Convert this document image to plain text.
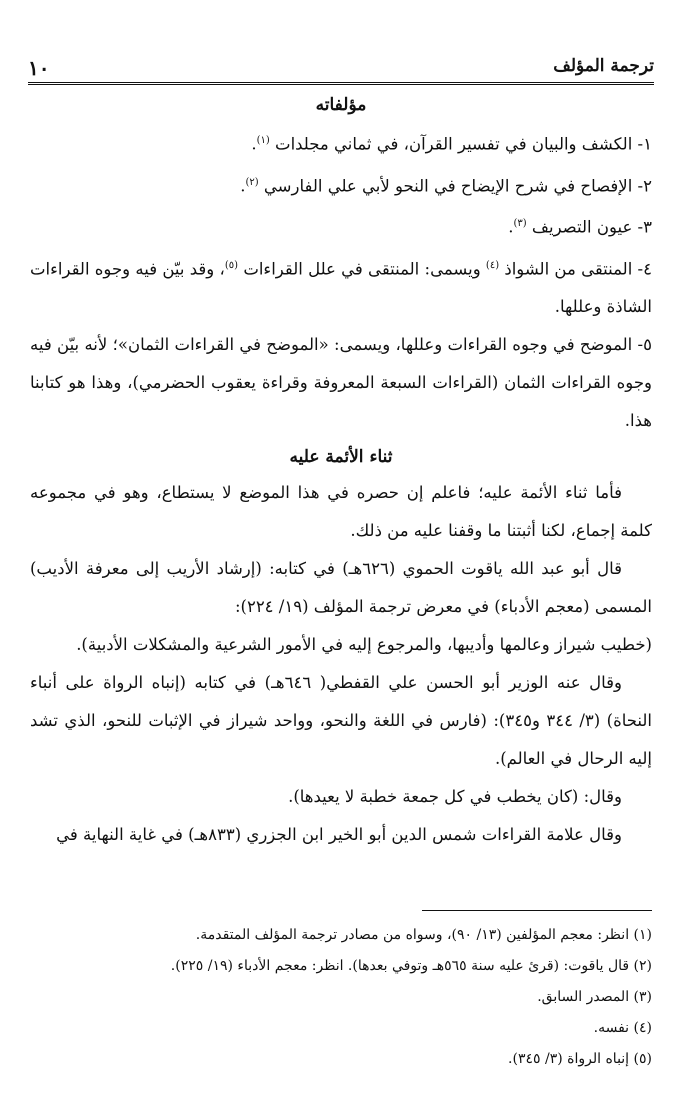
ترجمة المؤلف
١٠

مؤلفاته

١- الكشف والبيان في تفسير القرآن، في ثماني مجلدات $^{(١)}$.

٢- الإفصاح في شرح الإيضاح في النحو لأبي علي الفارسي $^{(٢)}$.

٣- عيون التصريف $^{(٣)}$.

٤- المنتقى من الشواذ $^{(٤)}$ ويسمى: المنتقى في علل القراءات $^{(٥)}$، وقد بيّن فيه وجوه القراءات الشاذة وعللها.

٥- الموضح في وجوه القراءات وعللها، ويسمى: «الموضح في القراءات الثمان»؛ لأنه بيّن فيه وجوه القراءات الثمان (القراءات السبعة المعروفة وقراءة يعقوب الحضرمي)، وهذا هو كتابنا هذا.

ثناء الأئمة عليه

فأما ثناء الأئمة عليه؛ فاعلم إن حصره في هذا الموضع لا يستطاع، وهو في مجموعه كلمة إجماع، لكنا أثبتنا ما وقفنا عليه من ذلك.

قال أبو عبد الله ياقوت الحموي (٦٢٦هـ) في كتابه: (إرشاد الأريب إلى معرفة الأديب) المسمى (معجم الأدباء) في معرض ترجمة المؤلف (١٩/ ٢٢٤):

(خطيب شيراز وعالمها وأديبها، والمرجوع إليه في الأمور الشرعية والمشكلات الأدبية).

وقال عنه الوزير أبو الحسن علي القفطي( ٦٤٦هـ) في كتابه (إنباه الرواة على أنباء النحاة) (٣/ ٣٤٤ و٣٤٥): (فارس في اللغة والنحو، وواحد شيراز في الإثبات للنحو، الذي تشد إليه الرحال في العالم).

وقال: (كان يخطب في كل جمعة خطبة لا يعيدها).

وقال علامة القراءات شمس الدين أبو الخير ابن الجزري (٨٣٣هـ) في غاية النهاية في

(١) انظر: معجم المؤلفين (١٣/ ٩٠)، وسواه من مصادر ترجمة المؤلف المتقدمة.

(٢) قال ياقوت: (قرئ عليه سنة ٥٦٥هـ وتوفي بعدها). انظر: معجم الأدباء (١٩/ ٢٢٥).

(٣) المصدر السابق.

(٤) نفسه.

(٥) إنباه الرواة (٣/ ٣٤٥).
